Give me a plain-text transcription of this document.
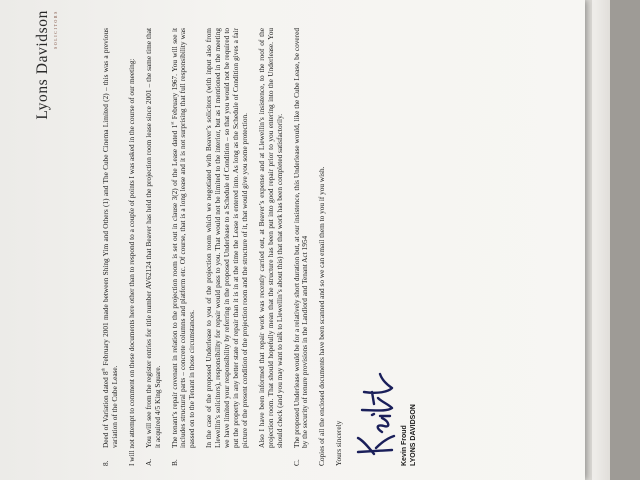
Lyons Davidson SOLICITORS
8.
Deed of Variation dated 8th February 2001 made between Shing Yim and Others (1) and The Cube Cinema Limited (2) – this was a previous variation of the Cube Lease. I will not attempt to comment on these documents here other than to respond to a couple of points I was asked in the course of our meeting: A.
You will see from the register entries for title number AV62124 that Beaver has held the projection room lease since 2001 – the same time that it acquired 4/5 King Square.
B.
The tenant’s repair covenant in relation to the projection room is set out in clause 3(2) of the Lease dated 1st February 1967. You will see it includes structural parts – concrete columns and platform etc. Of course, that is a long lease and it is not surprising that full responsibility was passed on to the Tenant in those circumstances. In the case of the proposed Underlease to you of the projection room which we negotiated with Beaver’s solicitors (with input also from Llewellin’s solicitors), responsibility for repair would pass to you. That would not be limited to the interior, but as I mentioned in the meeting we have limited your responsibility by referring in the proposed Underlease to a Schedule of Condition – so that you would not be required to put the property in any better state of repair than it is in at the time the Lease is entered into. As long as the Schedule of Condition gives a fair picture of the present condition of the projection room and the structure of it, that would give you some protection. Also I have been informed that repair work was recently carried out, at Beaver’s expense and at Llewellin’s insistence, to the roof of the projection room. That should hopefully mean that the structure has been put into good repair prior to you entering into the Underlease. You should check (and you may want to talk to Llewellin’s about this) that that work has been completed satisfactorily.
C.
The proposed Underlease would be for a relatively short duration but, at our insistence, this Underlease would, like the Cube Lease, be covered by the security of tenure provisions in the Landlord and Tenant Act 1954 Copies of all the enclosed documents have been scanned and so we can email them to you if you wish. Yours sincerely	Kevin Froud LYONS DAVIDSON
